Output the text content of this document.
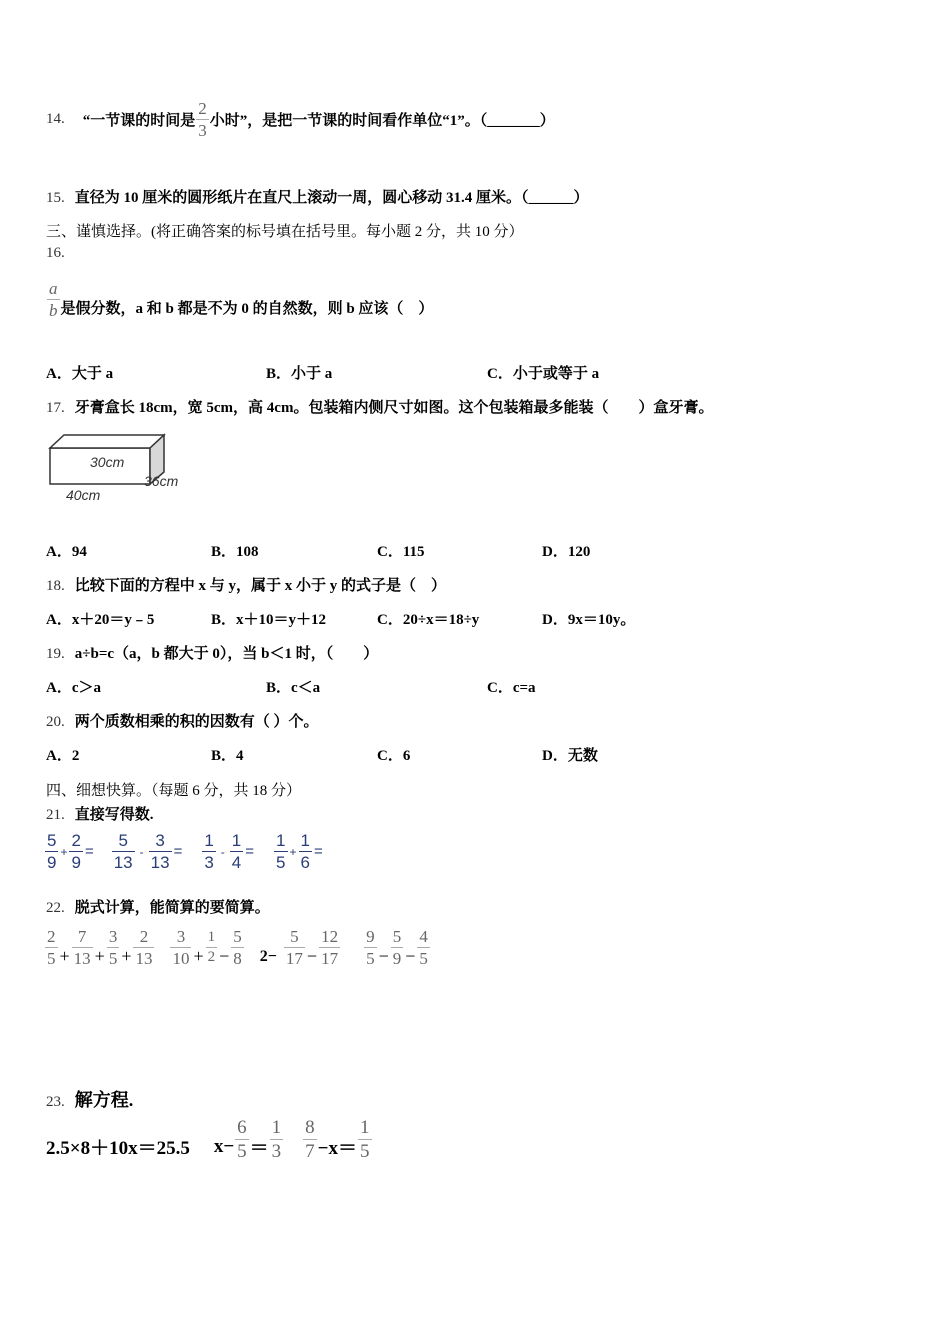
14. “一节课的时间是 $\frac{2}{3}$ 小时”，是把一节课的时间看作单位“1”。（_______）
15. 直径为 10 厘米的圆形纸片在直尺上滚动一周，圆心移动 31.4 厘米。（______）
三、谨慎选择。(将正确答案的标号填在括号里。每小题 2 分，共 10 分）
16.
$\frac{a}{b}$ 是假分数，a 和 b 都是不为 0 的自然数，则 b 应该（　）
A．大于 a	B．小于 a	C．小于或等于 a
17. 牙膏盒长 18cm，宽 5cm，高 4cm。包装箱内侧尺寸如图。这个包装箱最多能装（　　）盒牙膏。
30cm
36cm
40cm
A．94	B．108	C．115	D．120
18. 比较下面的方程中 x 与 y，属于 x 小于 y 的式子是（　）
A．x＋20＝y﹣5	B．x＋10＝y＋12	C．20÷x＝18÷y	D．9x＝10y。
19. a÷b=c（a，b 都大于 0），当 b＜1 时，（　　）
A．c＞a	B．c＜a	C．c=a
20. 两个质数相乘的积的因数有（ ）个。
A．2	B．4	C．6	D．无数
四、细想快算。（每题 6 分，共 18 分）
21. 直接写得数.
$\frac{5}{9} + \frac{2}{9} = \frac{5}{13} - \frac{3}{13} = \frac{1}{3} - \frac{1}{4} = \frac{1}{5} + \frac{1}{6}$ =
22. 脱式计算，能简算的要简算。
$\frac{2}{5} + \frac{7}{13} + \frac{3}{5} + \frac{2}{13} \frac{3}{10} + \frac{1}{2} - \frac{5}{8} 2- \frac{5}{17} - \frac{12}{17} \frac{9}{5} - \frac{5}{9} - \frac{4}{5}$
23. 解方程.
2.5×8＋10x＝25.5 $x- \frac{6}{5} = \frac{1}{3} \frac{8}{7} -x= \frac{1}{5}$
